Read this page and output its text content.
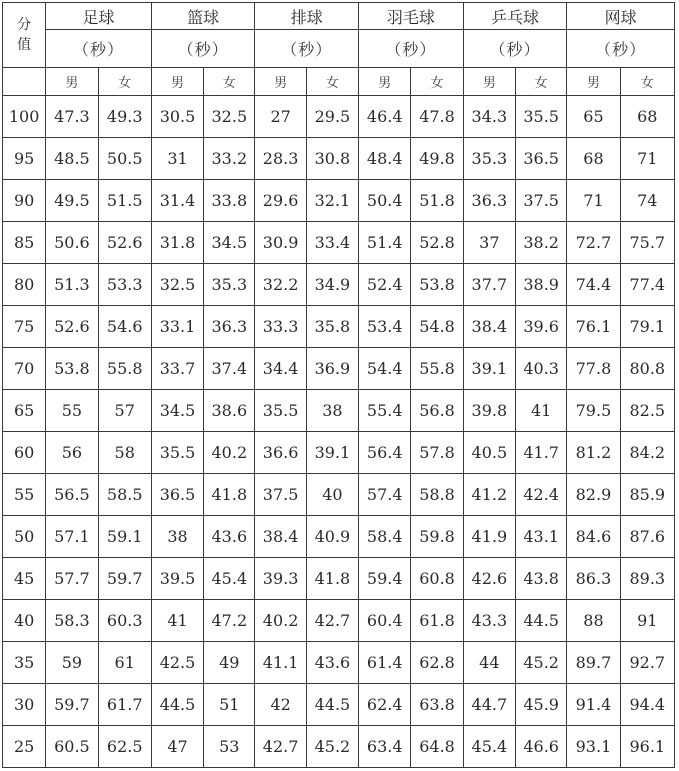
分
值	足球		篮球		排球		羽毛球		乒乓球		网球	
	（秒）		（秒）		（秒）		（秒）		（秒）		（秒）	
	男	女	男	女	男	女	男	女	男	女	男	女
100	47.3	49.3	30.5	32.5	27	29.5	46.4	47.8	34.3	35.5	65	68
95	48.5	50.5	31	33.2	28.3	30.8	48.4	49.8	35.3	36.5	68	71
90	49.5	51.5	31.4	33.8	29.6	32.1	50.4	51.8	36.3	37.5	71	74
85	50.6	52.6	31.8	34.5	30.9	33.4	51.4	52.8	37	38.2	72.7	75.7
80	51.3	53.3	32.5	35.3	32.2	34.9	52.4	53.8	37.7	38.9	74.4	77.4
75	52.6	54.6	33.1	36.3	33.3	35.8	53.4	54.8	38.4	39.6	76.1	79.1
70	53.8	55.8	33.7	37.4	34.4	36.9	54.4	55.8	39.1	40.3	77.8	80.8
65	55	57	34.5	38.6	35.5	38	55.4	56.8	39.8	41	79.5	82.5
60	56	58	35.5	40.2	36.6	39.1	56.4	57.8	40.5	41.7	81.2	84.2
55	56.5	58.5	36.5	41.8	37.5	40	57.4	58.8	41.2	42.4	82.9	85.9
50	57.1	59.1	38	43.6	38.4	40.9	58.4	59.8	41.9	43.1	84.6	87.6
45	57.7	59.7	39.5	45.4	39.3	41.8	59.4	60.8	42.6	43.8	86.3	89.3
40	58.3	60.3	41	47.2	40.2	42.7	60.4	61.8	43.3	44.5	88	91
35	59	61	42.5	49	41.1	43.6	61.4	62.8	44	45.2	89.7	92.7
30	59.7	61.7	44.5	51	42	44.5	62.4	63.8	44.7	45.9	91.4	94.4
25	60.5	62.5	47	53	42.7	45.2	63.4	64.8	45.4	46.6	93.1	96.1
